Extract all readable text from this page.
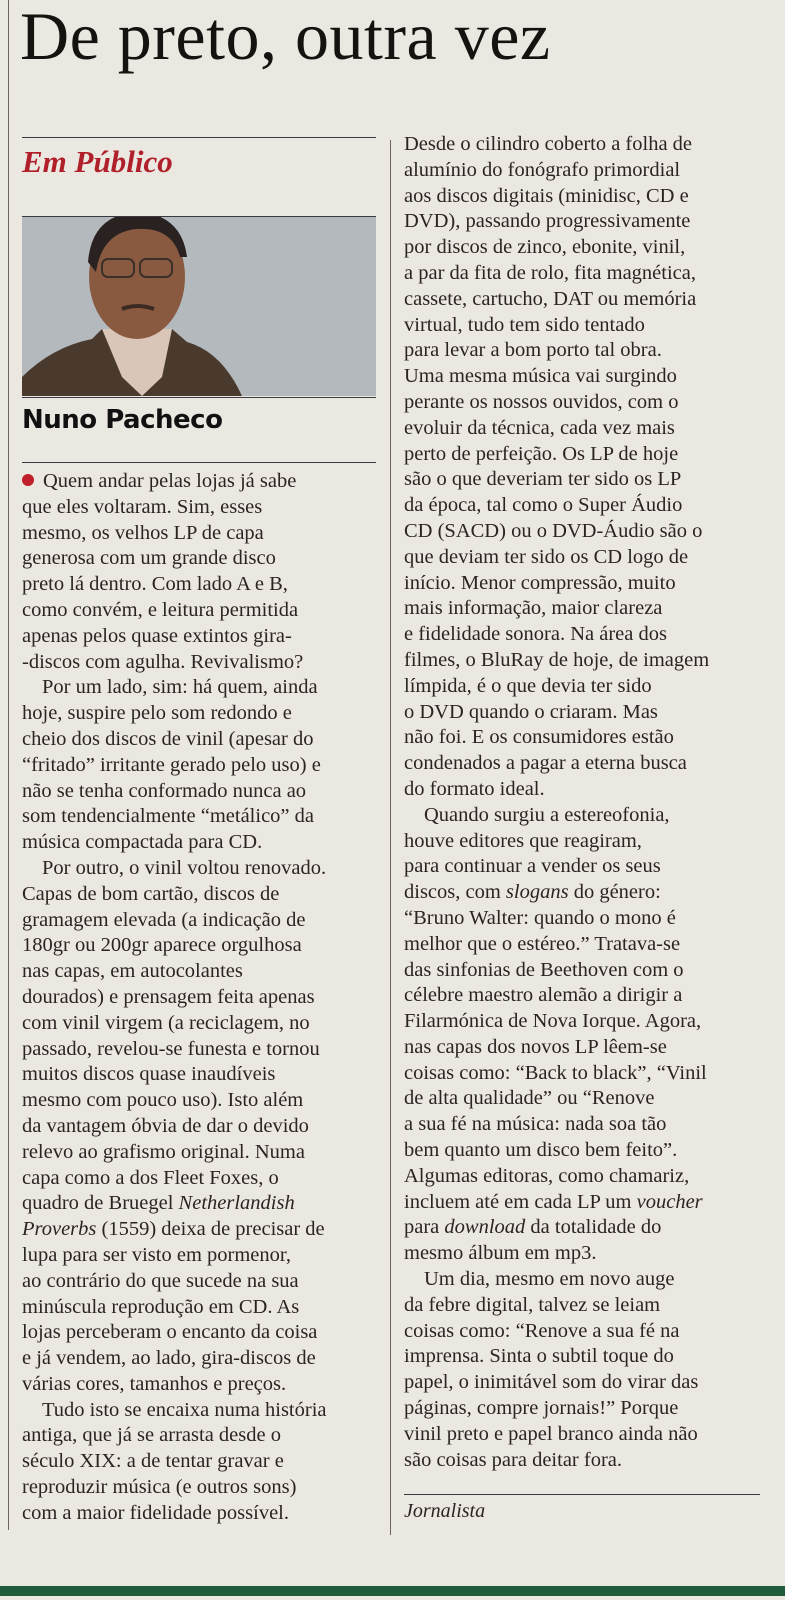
De preto, outra vez
Em Público
Nuno Pacheco
Quem andar pelas lojas já sabe
que eles voltaram. Sim, esses
mesmo, os velhos LP de capa
generosa com um grande disco
preto lá dentro. Com lado A e B,
como convém, e leitura permitida
apenas pelos quase extintos gira-
-discos com agulha. Revivalismo?
Por um lado, sim: há quem, ainda
hoje, suspire pelo som redondo e
cheio dos discos de vinil (apesar do
“fritado” irritante gerado pelo uso) e
não se tenha conformado nunca ao
som tendencialmente “metálico” da
música compactada para CD.
Por outro, o vinil voltou renovado.
Capas de bom cartão, discos de
gramagem elevada (a indicação de
180gr ou 200gr aparece orgulhosa
nas capas, em autocolantes
dourados) e prensagem feita apenas
com vinil virgem (a reciclagem, no
passado, revelou-se funesta e tornou
muitos discos quase inaudíveis
mesmo com pouco uso). Isto além
da vantagem óbvia de dar o devido
relevo ao grafismo original. Numa
capa como a dos Fleet Foxes, o
quadro de Bruegel Netherlandish
Proverbs (1559) deixa de precisar de
lupa para ser visto em pormenor,
ao contrário do que sucede na sua
minúscula reprodução em CD. As
lojas perceberam o encanto da coisa
e já vendem, ao lado, gira-discos de
várias cores, tamanhos e preços.
Tudo isto se encaixa numa história
antiga, que já se arrasta desde o
século XIX: a de tentar gravar e
reproduzir música (e outros sons)
com a maior fidelidade possível.
Desde o cilindro coberto a folha de
alumínio do fonógrafo primordial
aos discos digitais (minidisc, CD e
DVD), passando progressivamente
por discos de zinco, ebonite, vinil,
a par da fita de rolo, fita magnética,
cassete, cartucho, DAT ou memória
virtual, tudo tem sido tentado
para levar a bom porto tal obra.
Uma mesma música vai surgindo
perante os nossos ouvidos, com o
evoluir da técnica, cada vez mais
perto de perfeição. Os LP de hoje
são o que deveriam ter sido os LP
da época, tal como o Super Áudio
CD (SACD) ou o DVD-Áudio são o
que deviam ter sido os CD logo de
início. Menor compressão, muito
mais informação, maior clareza
e fidelidade sonora. Na área dos
filmes, o BluRay de hoje, de imagem
límpida, é o que devia ter sido
o DVD quando o criaram. Mas
não foi. E os consumidores estão
condenados a pagar a eterna busca
do formato ideal.
Quando surgiu a estereofonia,
houve editores que reagiram,
para continuar a vender os seus
discos, com slogans do género:
“Bruno Walter: quando o mono é
melhor que o estéreo.” Tratava-se
das sinfonias de Beethoven com o
célebre maestro alemão a dirigir a
Filarmónica de Nova Iorque. Agora,
nas capas dos novos LP lêem-se
coisas como: “Back to black”, “Vinil
de alta qualidade” ou “Renove
a sua fé na música: nada soa tão
bem quanto um disco bem feito”.
Algumas editoras, como chamariz,
incluem até em cada LP um voucher
para download da totalidade do
mesmo álbum em mp3.
Um dia, mesmo em novo auge
da febre digital, talvez se leiam
coisas como: “Renove a sua fé na
imprensa. Sinta o subtil toque do
papel, o inimitável som do virar das
páginas, compre jornais!” Porque
vinil preto e papel branco ainda não
são coisas para deitar fora.
Jornalista
